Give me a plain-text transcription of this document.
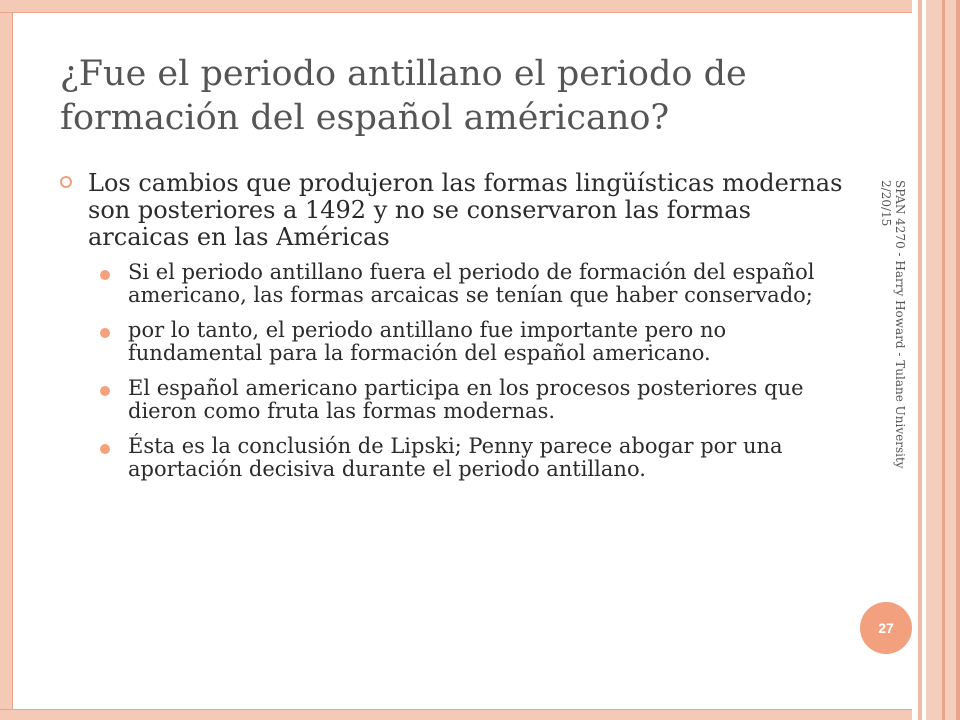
¿Fue el periodo antillano el periodo de formación del español américano?
Los cambios que produjeron las formas lingüísticas modernas son posteriores a 1492 y no se conservaron las formas arcaicas en las Américas
Si el periodo antillano fuera el periodo de formación del español americano, las formas arcaicas se tenían que haber conservado;
por lo tanto, el periodo antillano fue importante pero no fundamental para la formación del español americano.
El español americano participa en los procesos posteriores que dieron como fruta las formas modernas.
Ésta es la conclusión de Lipski; Penny parece abogar por una aportación decisiva durante el periodo antillano.
2/20/15 SPAN 4270 - Harry Howard - Tulane University
27
